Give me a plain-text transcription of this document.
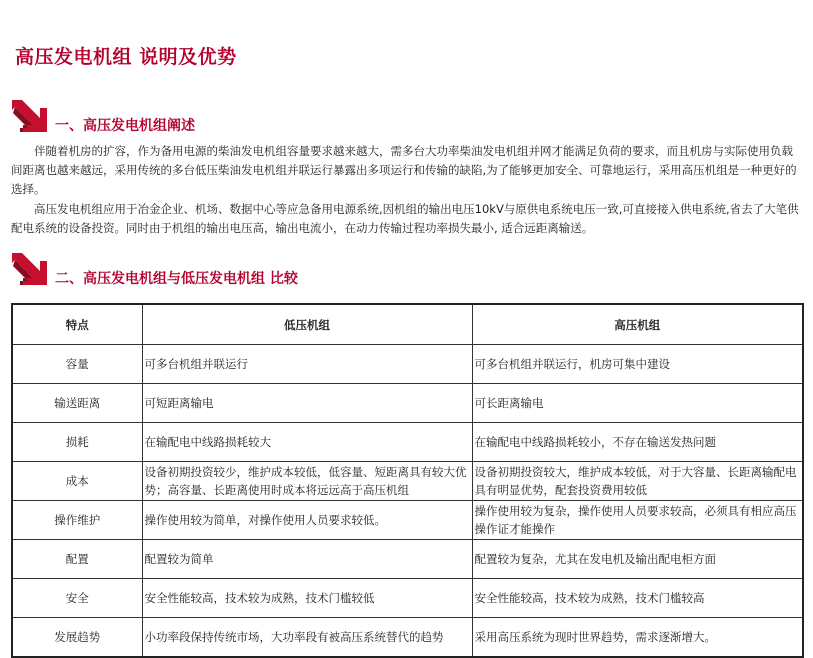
高压发电机组 说明及优势
一、高压发电机组阐述

伴随着机房的扩容，作为备用电源的柴油发电机组容量要求越来越大，需多台大功率柴油发电机组并网才能满足负荷的要求，而且机房与实际使用负载间距离也越来越远，采用传统的多台低压柴油发电机组并联运行暴露出多项运行和传输的缺陷,为了能够更加安全、可靠地运行，采用高压机组是一种更好的选择。

高压发电机组应用于冶金企业、机场、数据中心等应急备用电源系统,因机组的输出电压10kV与原供电系统电压一致,可直接接入供电系统,省去了大笔供配电系统的设备投资。同时由于机组的输出电压高，输出电流小，在动力传输过程功率损失最小, 适合远距离输送。

二、高压发电机组与低压发电机组 比较
特点	低压机组	高压机组
容量	可多台机组并联运行	可多台机组并联运行，机房可集中建设
输送距离	可短距离输电	可长距离输电
损耗	在输配电中线路损耗较大	在输配电中线路损耗较小，不存在输送发热问题
成本	设备初期投资较少，维护成本较低，低容量、短距离具有较大优势；高容量、长距离使用时成本将远远高于高压机组	设备初期投资较大，维护成本较低，对于大容量、长距离输配电具有明显优势，配套投资费用较低
操作维护	操作使用较为简单，对操作使用人员要求较低。	操作使用较为复杂，操作使用人员要求较高，必须具有相应高压操作证才能操作
配置	配置较为简单	配置较为复杂，尤其在发电机及输出配电柜方面
安全	安全性能较高，技术较为成熟，技术门槛较低	安全性能较高，技术较为成熟，技术门槛较高
发展趋势	小功率段保持传统市场，大功率段有被高压系统替代的趋势	采用高压系统为现时世界趋势，需求逐渐增大。
